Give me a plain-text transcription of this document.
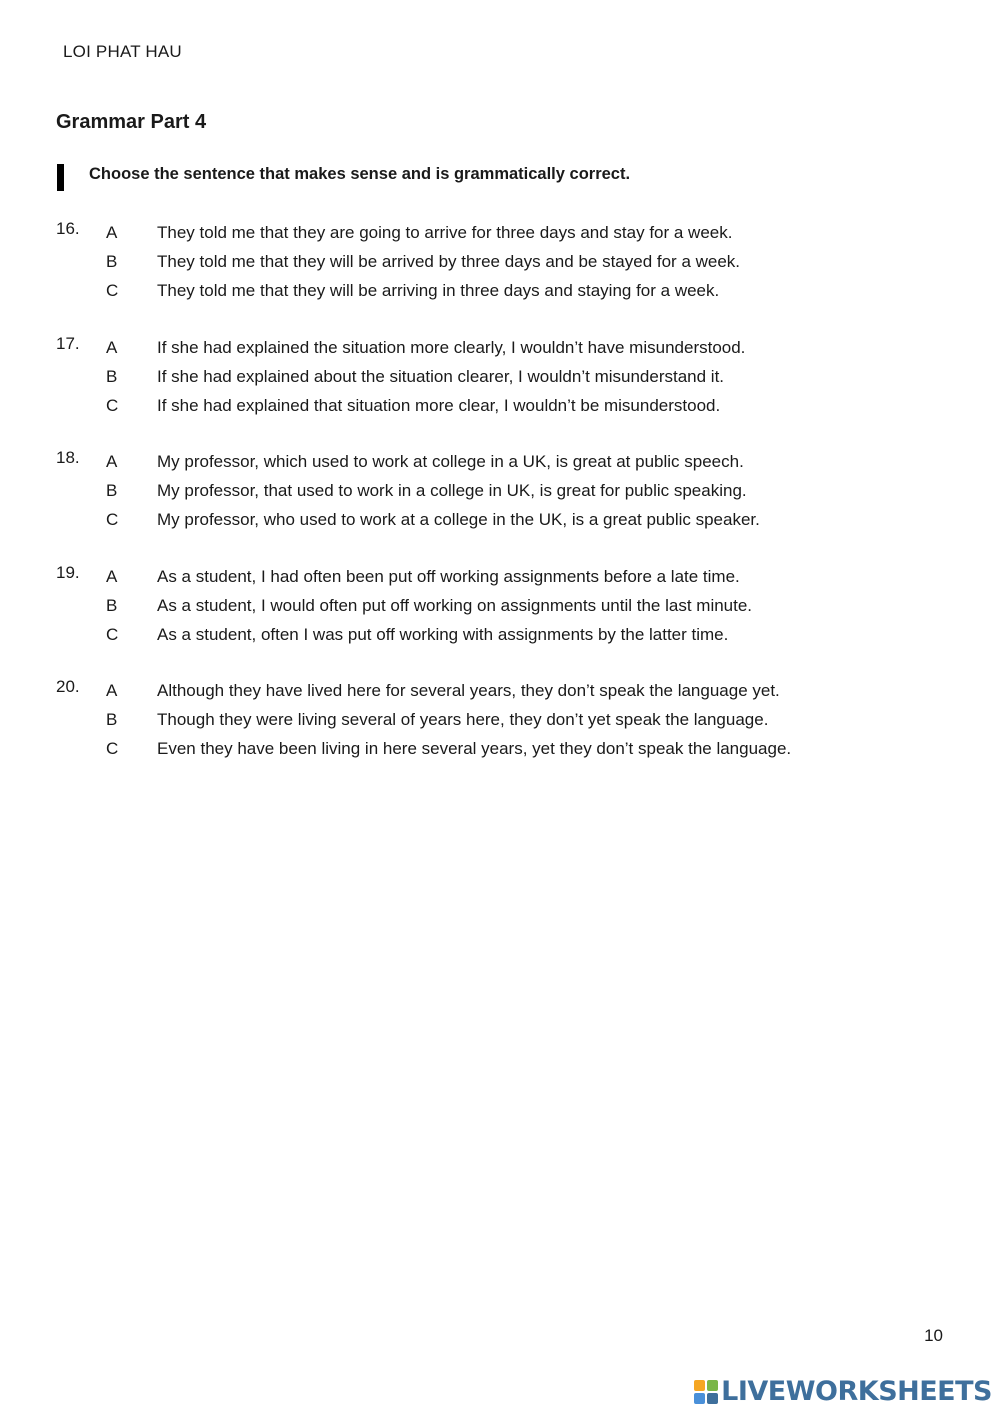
LOI PHAT HAU
Grammar Part 4
Choose the sentence that makes sense and is grammatically correct.
16. A They told me that they are going to arrive for three days and stay for a week.
B They told me that they will be arrived by three days and be stayed for a week.
C They told me that they will be arriving in three days and staying for a week.
17. A If she had explained the situation more clearly, I wouldn’t have misunderstood.
B If she had explained about the situation clearer, I wouldn’t misunderstand it.
C If she had explained that situation more clear, I wouldn’t be misunderstood.
18. A My professor, which used to work at college in a UK, is great at public speech.
B My professor, that used to work in a college in UK, is great for public speaking.
C My professor, who used to work at a college in the UK, is a great public speaker.
19. A As a student, I had often been put off working assignments before a late time.
B As a student, I would often put off working on assignments until the last minute.
C As a student, often I was put off working with assignments by the latter time.
20. A Although they have lived here for several years, they don’t speak the language yet.
B Though they were living several of years here, they don’t yet speak the language.
C Even they have been living in here several years, yet they don’t speak the language.
10
LIVEWORKSHEETS
